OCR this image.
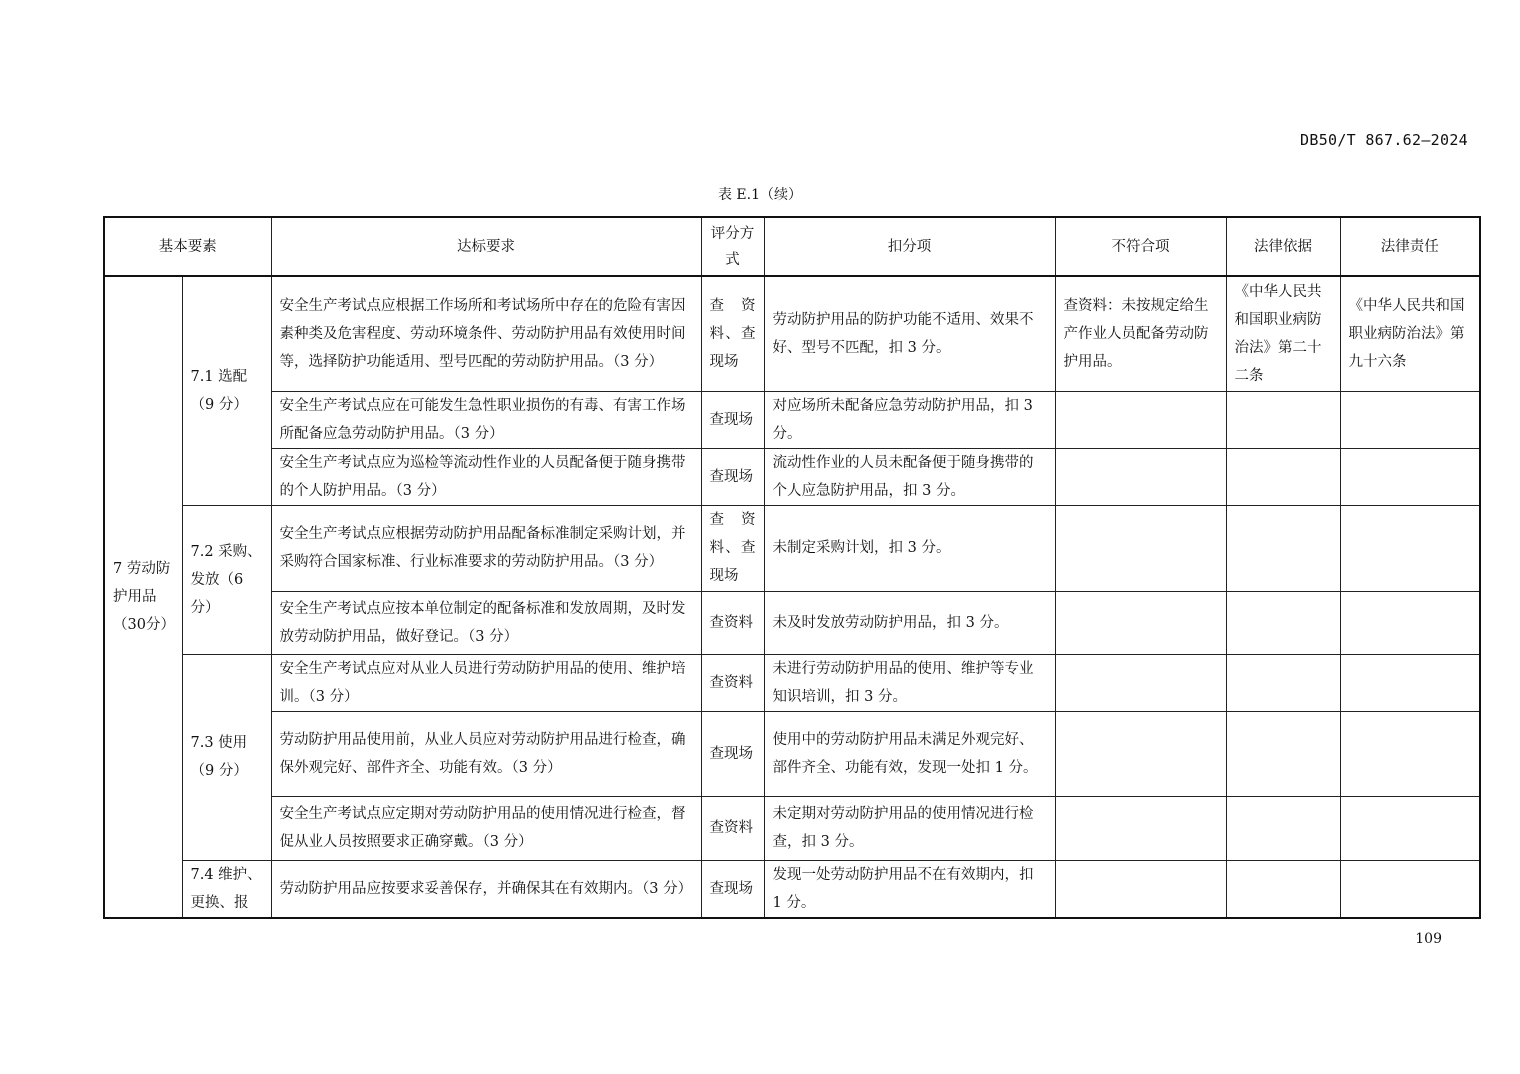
DB50/T 867.62—2024
表 E.1（续）
基本要素		达标要求	评分方式	扣分项	不符合项	法律依据	法律责任
7 劳动防护用品（30分）	7.1 选配（9 分）	安全生产考试点应根据工作场所和考试场所中存在的危险有害因素种类及危害程度、劳动环境条件、劳动防护用品有效使用时间等，选择防护功能适用、型号匹配的劳动防护用品。（3 分）	查资料、查现场	劳动防护用品的防护功能不适用、效果不好、型号不匹配，扣 3 分。	查资料：未按规定给生产作业人员配备劳动防护用品。	《中华人民共和国职业病防治法》第二十二条	《中华人民共和国职业病防治法》第九十六条
		安全生产考试点应在可能发生急性职业损伤的有毒、有害工作场所配备应急劳动防护用品。（3 分）	查现场	对应场所未配备应急劳动防护用品，扣 3 分。			
		安全生产考试点应为巡检等流动性作业的人员配备便于随身携带的个人防护用品。（3 分）	查现场	流动性作业的人员未配备便于随身携带的个人应急防护用品，扣 3 分。			
	7.2 采购、发放（6 分）	安全生产考试点应根据劳动防护用品配备标准制定采购计划，并采购符合国家标准、行业标准要求的劳动防护用品。（3 分）	查资料、查现场	未制定采购计划，扣 3 分。			
		安全生产考试点应按本单位制定的配备标准和发放周期，及时发放劳动防护用品，做好登记。（3 分）	查资料	未及时发放劳动防护用品，扣 3 分。			
	7.3 使用（9 分）	安全生产考试点应对从业人员进行劳动防护用品的使用、维护培训。（3 分）	查资料	未进行劳动防护用品的使用、维护等专业知识培训，扣 3 分。			
		劳动防护用品使用前，从业人员应对劳动防护用品进行检查，确保外观完好、部件齐全、功能有效。（3 分）	查现场	使用中的劳动防护用品未满足外观完好、部件齐全、功能有效，发现一处扣 1 分。			
		安全生产考试点应定期对劳动防护用品的使用情况进行检查，督促从业人员按照要求正确穿戴。（3 分）	查资料	未定期对劳动防护用品的使用情况进行检查，扣 3 分。			
	7.4 维护、更换、报	劳动防护用品应按要求妥善保存，并确保其在有效期内。（3 分）	查现场	发现一处劳动防护用品不在有效期内，扣 1 分。			
109
